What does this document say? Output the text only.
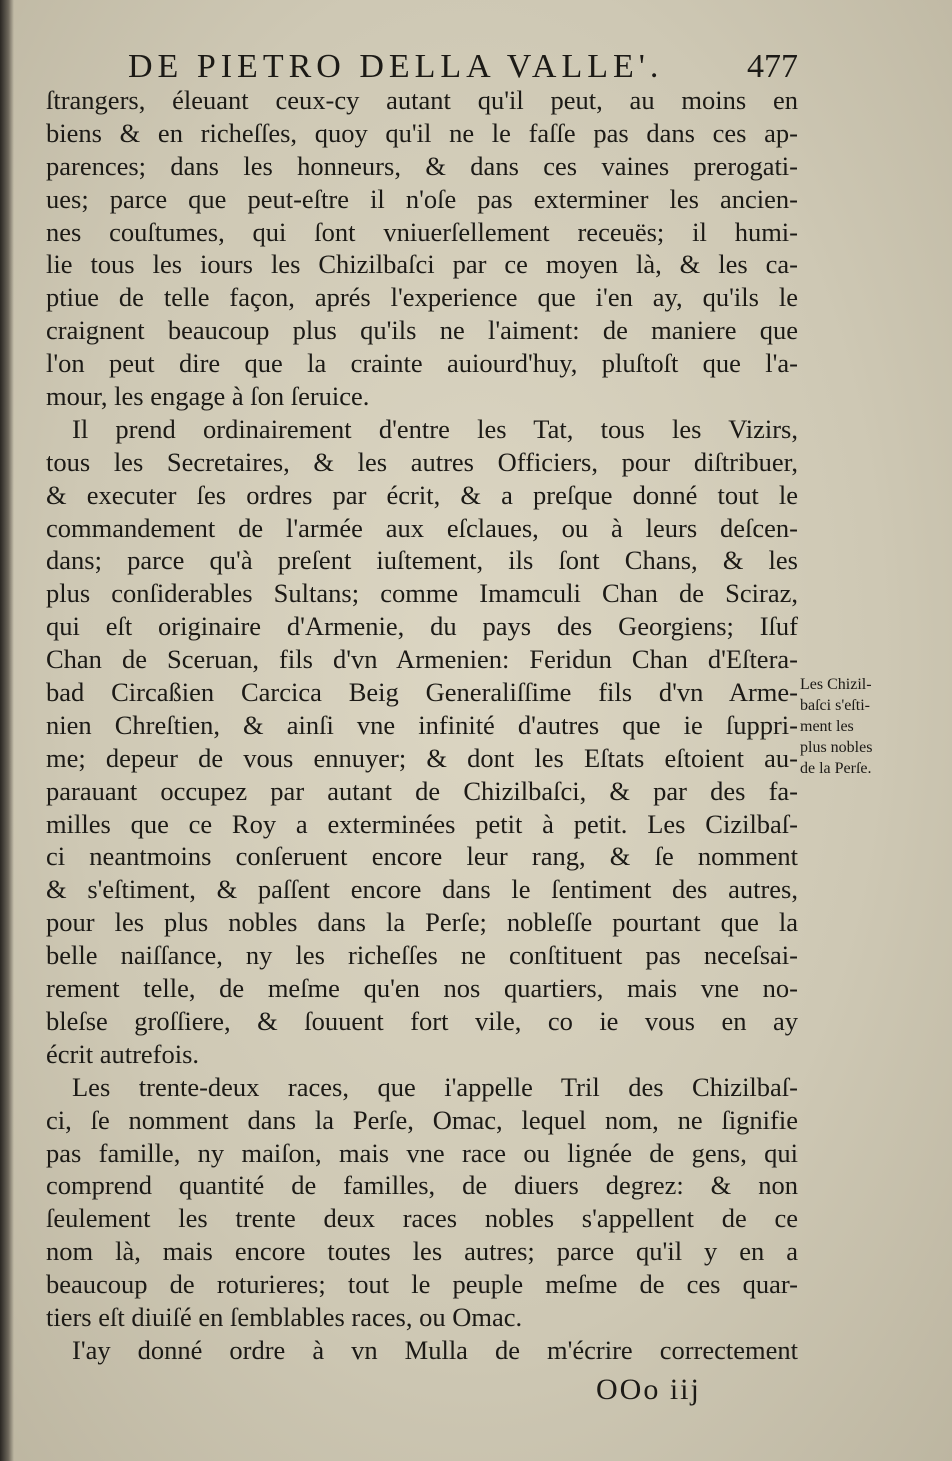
DE PIETRO DELLA VALLE'. 477
ſtrangers, éleuant ceux-cy autant qu'il peut, au moins en
biens & en richeſſes, quoy qu'il ne le faſſe pas dans ces ap-
parences; dans les honneurs, & dans ces vaines prerogati-
ues; parce que peut-eſtre il n'oſe pas exterminer les ancien-
nes couſtumes, qui ſont vniuerſellement receuës; il humi-
lie tous les iours les Chizilbaſci par ce moyen là, & les ca-
ptiue de telle façon, aprés l'experience que i'en ay, qu'ils le
craignent beaucoup plus qu'ils ne l'aiment: de maniere que
l'on peut dire que la crainte auiourd'huy, pluſtoſt que l'a-
mour, les engage à ſon ſeruice.
Il prend ordinairement d'entre les Tat, tous les Vizirs,
tous les Secretaires, & les autres Officiers, pour diſtribuer,
& executer ſes ordres par écrit, & a preſque donné tout le
commandement de l'armée aux eſclaues, ou à leurs deſcen-
dans; parce qu'à preſent iuſtement, ils ſont Chans, & les
plus conſiderables Sultans; comme Imamculi Chan de Sciraz,
qui eſt originaire d'Armenie, du pays des Georgiens; Iſuf
Chan de Sceruan, fils d'vn Armenien: Feridun Chan d'Eſtera-
bad Circaßien Carcica Beig Generaliſſime fils d'vn Arme-
nien Chreſtien, & ainſi vne infinité d'autres que ie ſuppri-
me; depeur de vous ennuyer; & dont les Eſtats eſtoient au-
parauant occupez par autant de Chizilbaſci, & par des fa-
milles que ce Roy a exterminées petit à petit. Les Cizilbaſ-
ci neantmoins conſeruent encore leur rang, & ſe nomment
& s'eſtiment, & paſſent encore dans le ſentiment des autres,
pour les plus nobles dans la Perſe; nobleſſe pourtant que la
belle naiſſance, ny les richeſſes ne conſtituent pas neceſsai-
rement telle, de meſme qu'en nos quartiers, mais vne no-
bleſse groſſiere, & ſouuent fort vile, co ie vous en ay
écrit autrefois.
Les trente-deux races, que i'appelle Tril des Chizilbaſ-
ci, ſe nomment dans la Perſe, Omac, lequel nom, ne ſignifie
pas famille, ny maiſon, mais vne race ou lignée de gens, qui
comprend quantité de familles, de diuers degrez: & non
ſeulement les trente deux races nobles s'appellent de ce
nom là, mais encore toutes les autres; parce qu'il y en a
beaucoup de roturieres; tout le peuple meſme de ces quar-
tiers eſt diuiſé en ſemblables races, ou Omac.
I'ay donné ordre à vn Mulla de m'écrire correctement
Les Chizil-
baſci s'eſti-
ment les
plus nobles
de la Perſe.
OOo iij
